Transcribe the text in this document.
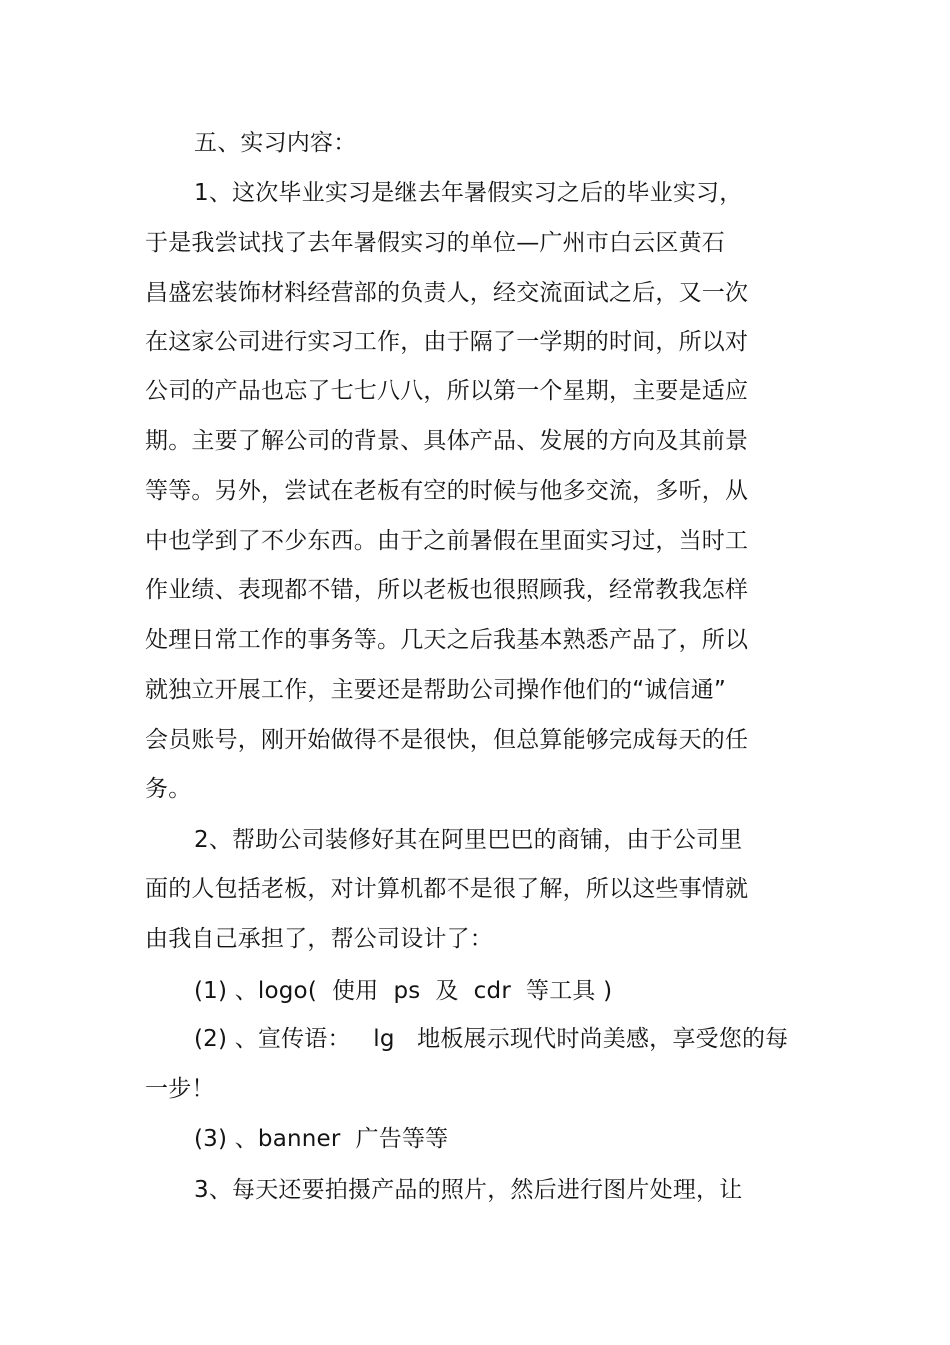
五、实习内容：
1、这次毕业实习是继去年暑假实习之后的毕业实习，
于是我尝试找了去年暑假实习的单位—广州市白云区黄石
昌盛宏装饰材料经营部的负责人，经交流面试之后，又一次
在这家公司进行实习工作，由于隔了一学期的时间，所以对
公司的产品也忘了七七八八，所以第一个星期，主要是适应
期。主要了解公司的背景、具体产品、发展的方向及其前景
等等。另外，尝试在老板有空的时候与他多交流，多听，从
中也学到了不少东西。由于之前暑假在里面实习过，当时工
作业绩、表现都不错，所以老板也很照顾我，经常教我怎样
处理日常工作的事务等。几天之后我基本熟悉产品了，所以
就独立开展工作，主要还是帮助公司操作他们的“诚信通”
会员账号，刚开始做得不是很快，但总算能够完成每天的任
务。
2、帮助公司装修好其在阿里巴巴的商铺，由于公司里
面的人包括老板，对计算机都不是很了解，所以这些事情就
由我自己承担了，帮公司设计了：
(1) 、logo(  使用  ps  及  cdr  等工具 )
(2) 、宣传语：   lg   地板展示现代时尚美感，享受您的每
一步！
(3) 、banner  广告等等
3、每天还要拍摄产品的照片，然后进行图片处理，让
